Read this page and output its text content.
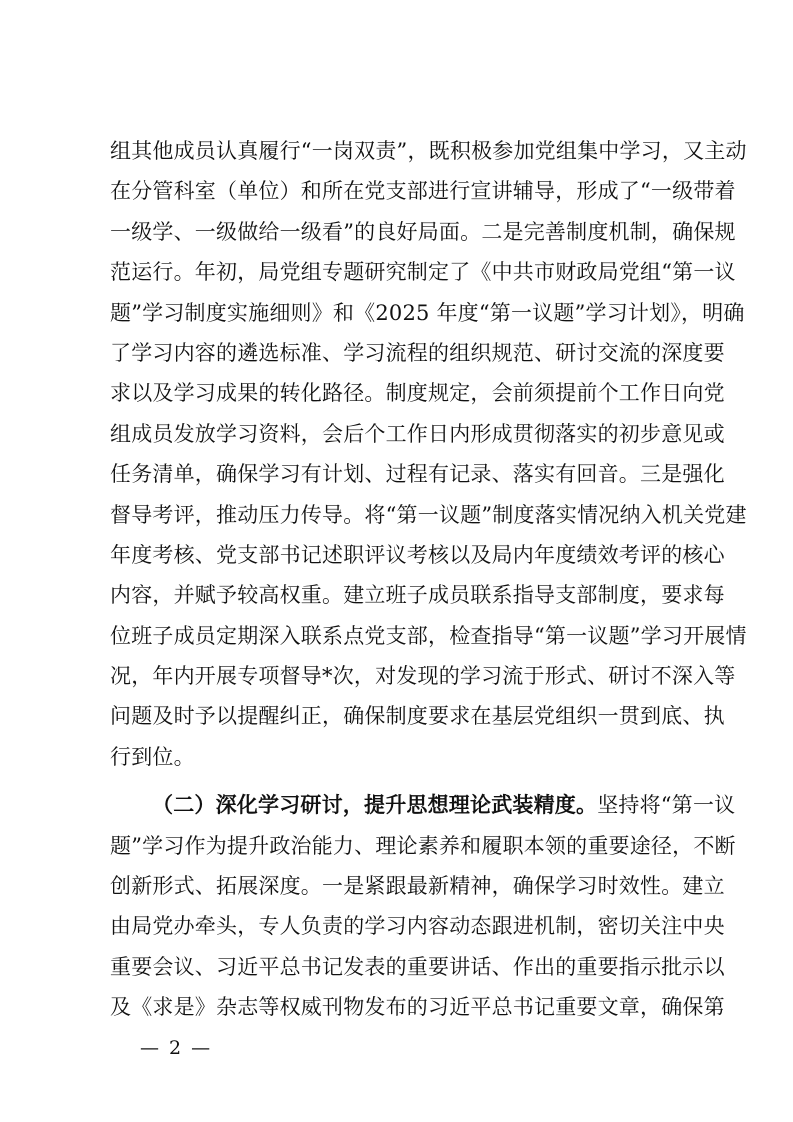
组其他成员认真履行“一岗双责”，既积极参加党组集中学习，又主动
在分管科室（单位）和所在党支部进行宣讲辅导，形成了“一级带着
一级学、一级做给一级看”的良好局面。二是完善制度机制，确保规
范运行。年初，局党组专题研究制定了《中共市财政局党组“第一议
题”学习制度实施细则》和《2025 年度“第一议题”学习计划》，明确
了学习内容的遴选标准、学习流程的组织规范、研讨交流的深度要
求以及学习成果的转化路径。制度规定，会前须提前个工作日向党
组成员发放学习资料，会后个工作日内形成贯彻落实的初步意见或
任务清单，确保学习有计划、过程有记录、落实有回音。三是强化
督导考评，推动压力传导。将“第一议题”制度落实情况纳入机关党建
年度考核、党支部书记述职评议考核以及局内年度绩效考评的核心
内容，并赋予较高权重。建立班子成员联系指导支部制度，要求每
位班子成员定期深入联系点党支部，检查指导“第一议题”学习开展情
况，年内开展专项督导*次，对发现的学习流于形式、研讨不深入等
问题及时予以提醒纠正，确保制度要求在基层党组织一贯到底、执
行到位。
（二）深化学习研讨，提升思想理论武装精度。坚持将“第一议
题”学习作为提升政治能力、理论素养和履职本领的重要途径，不断
创新形式、拓展深度。一是紧跟最新精神，确保学习时效性。建立
由局党办牵头，专人负责的学习内容动态跟进机制，密切关注中央
重要会议、习近平总书记发表的重要讲话、作出的重要指示批示以
及《求是》杂志等权威刊物发布的习近平总书记重要文章，确保第
— 2 —
